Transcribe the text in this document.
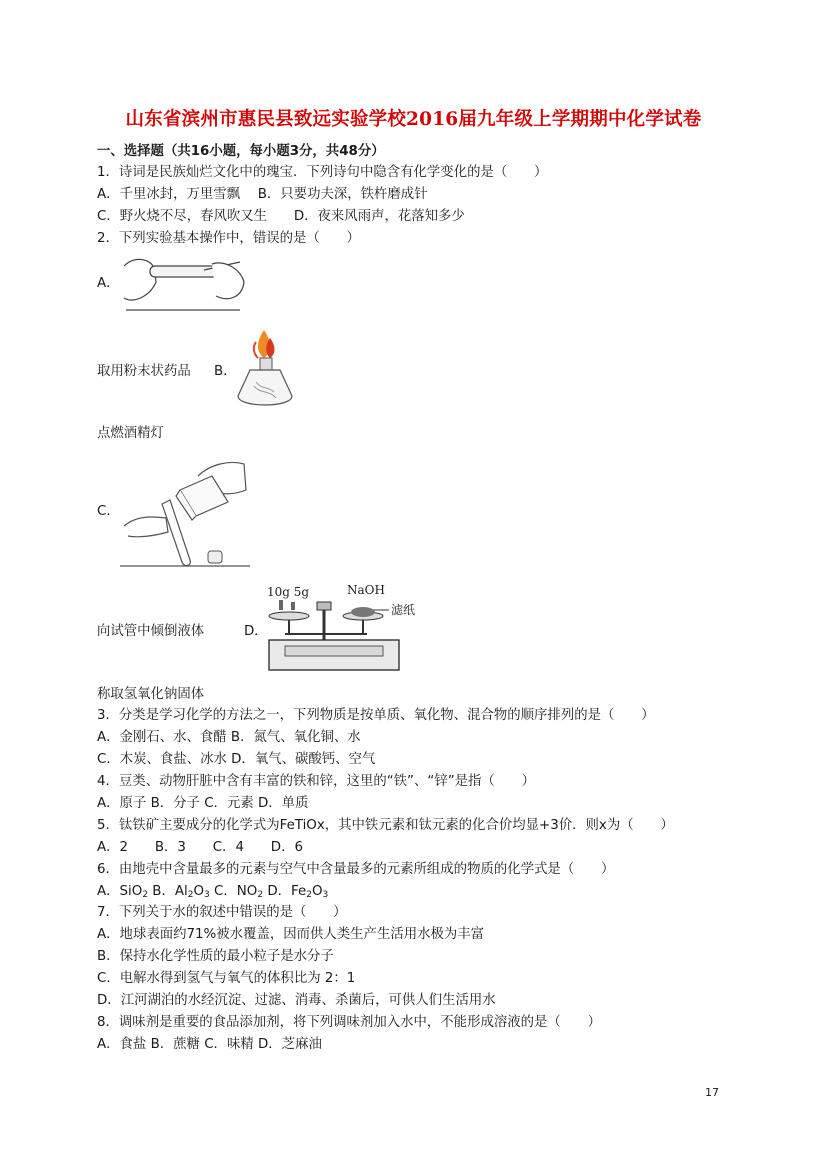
山东省滨州市惠民县致远实验学校2016届九年级上学期期中化学试卷
一、选择题（共16小题，每小题3分，共48分）
1．诗词是民族灿烂文化中的瑰宝．下列诗句中隐含有化学变化的是（　　）
A．千里冰封，万里雪飘　 B．只要功夫深，铁杵磨成针
C．野火烧不尽，春风吹又生　　D．夜来风雨声，花落知多少
2．下列实验基本操作中，错误的是（　　）
A．
取用粉末状药品 B．
点燃酒精灯
C．
向试管中倾倒液体	D．
10g 5g	NaOH
滤纸
称取氢氧化钠固体
3．分类是学习化学的方法之一，下列物质是按单质、氧化物、混合物的顺序排列的是（　　）
A．金刚石、水、食醋 B．氮气、氧化铜、水
C．木炭、食盐、冰水 D．氧气、碳酸钙、空气
4．豆类、动物肝脏中含有丰富的铁和锌，这里的“铁”、“锌”是指（　　）
A．原子 B．分子 C．元素 D．单质
5．钛铁矿主要成分的化学式为FeTiOx，其中铁元素和钛元素的化合价均显+3价．则x为（　　）
A．2　　B．3　　C．4　　D．6
6．由地壳中含量最多的元素与空气中含量最多的元素所组成的物质的化学式是（　　）
A．SiO$_2$ B．$Al_2O_3$ C．$NO_2$ D．$Fe_2O_3$
7．下列关于水的叙述中错误的是（　　）
A．地球表面约71%被水覆盖，因而供人类生产生活用水极为丰富
B．保持水化学性质的最小粒子是水分子
C．电解水得到氢气与氧气的体积比为 2：1
D．江河湖泊的水经沉淀、过滤、消毒、杀菌后，可供人们生活用水
8．调味剂是重要的食品添加剂，将下列调味剂加入水中，不能形成溶液的是（　　）
A．食盐 B．蔗糖 C．味精 D．芝麻油
17
